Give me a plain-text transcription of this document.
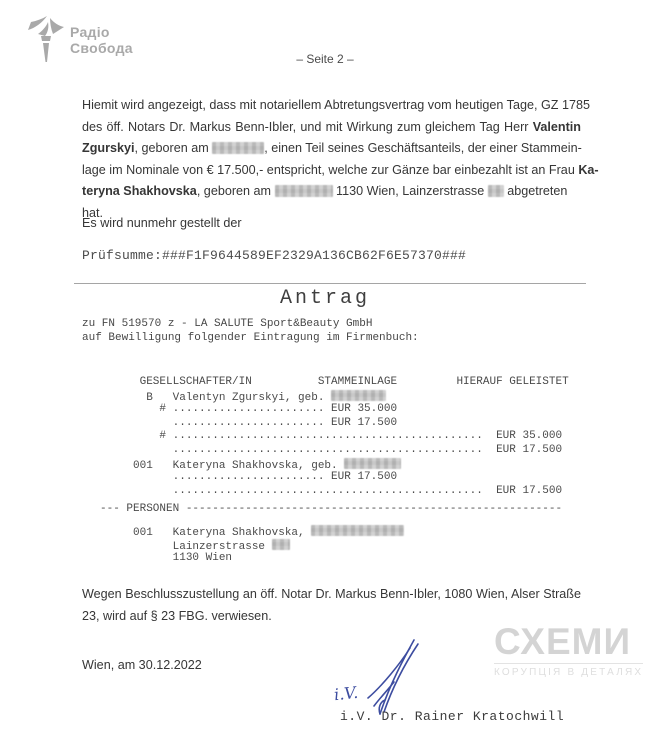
Радіо
Свобода
– Seite 2 –
Hiemit wird angezeigt, dass mit notariellem Abtretungsvertrag vom heutigen Tage, GZ 1785
des öff. Notars Dr. Markus Benn-Ibler, und mit Wirkung zum gleichem Tag Herr Valentin
Zgurskyi, geboren am	, einen Teil seines Geschäftsanteils, der einer Stammein-
lage im Nominale von € 17.500,- entspricht, welche zur Gänze bar einbezahlt ist an Frau Ka-
teryna Shakhovska, geboren am	1130 Wien, Lainzerstrasse  abgetreten hat.
Es wird nunmehr gestellt der
Prüfsumme:###F1F9644589EF2329A136CB62F6E57370###
Antrag
zu FN 519570 z - LA SALUTE Sport&Beauty GmbH
auf Bewilligung folgender Eintragung im Firmenbuch:
GESELLSCHAFTER/IN          STAMMEINLAGE         HIERAUF GELEISTET
B   Valentyn Zgurskyi, geb.
# ....................... EUR 35.000
....................... EUR 17.500
# ...............................................  EUR 35.000
...............................................  EUR 17.500
001   Kateryna Shakhovska, geb.
....................... EUR 17.500
...............................................  EUR 17.500
--- PERSONEN ---------------------------------------------------------
001   Kateryna Shakhovska,
Lainzerstrasse
1130 Wien
Wegen Beschlusszustellung an öff. Notar Dr. Markus Benn-Ibler, 1080 Wien, Alser Straße
23, wird auf § 23 FBG. verwiesen.
Wien, am 30.12.2022
СХЕМИ
КОРУПЦІЯ В ДЕТАЛЯХ
i.V.
i.V. Dr. Rainer Kratochwill
